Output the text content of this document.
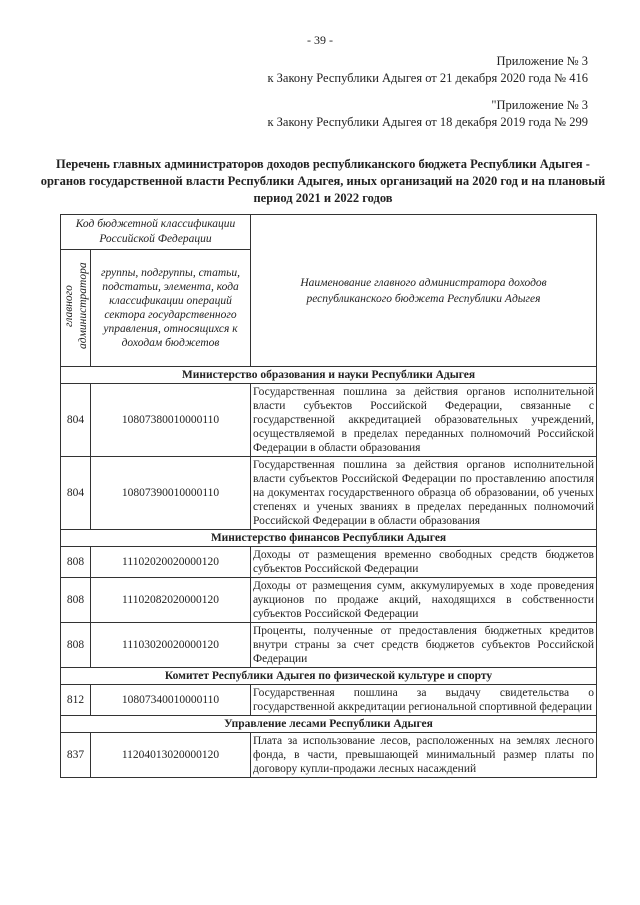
- 39 -
Приложение № 3
к Закону Республики Адыгея от 21 декабря 2020 года № 416
"Приложение № 3
к Закону Республики Адыгея от 18 декабря 2019 года № 299
Перечень главных администраторов доходов республиканского бюджета Республики Адыгея - органов государственной власти Республики Адыгея, иных организаций на 2020 год и на плановый период 2021 и 2022 годов
Код бюджетной классификации Российской Федерации		Наименование главного администратора доходов республиканского бюджета Республики Адыгея
главного администратора	группы, подгруппы, статьи, подстатьи, элемента, кода классификации операций сектора государственного управления, относящихся к доходам бюджетов	
Министерство образования и науки Республики Адыгея		
804	10807380010000110	Государственная пошлина за действия органов исполнительной власти субъектов Российской Федерации, связанные с государственной аккредитацией образовательных учреждений, осуществляемой в пределах переданных полномочий Российской Федерации в области образования
804	10807390010000110	Государственная пошлина за действия органов исполнительной власти субъектов Российской Федерации по проставлению апостиля на документах государственного образца об образовании, об ученых степенях и ученых званиях в пределах переданных полномочий Российской Федерации в области образования
Министерство финансов Республики Адыгея		
808	11102020020000120	Доходы от размещения временно свободных средств бюджетов субъектов Российской Федерации
808	11102082020000120	Доходы от размещения сумм, аккумулируемых в ходе проведения аукционов по продаже акций, находящихся в собственности субъектов Российской Федерации
808	11103020020000120	Проценты, полученные от предоставления бюджетных кредитов внутри страны за счет средств бюджетов субъектов Российской Федерации
Комитет Республики Адыгея по физической культуре и спорту		
812	10807340010000110	Государственная пошлина за выдачу свидетельства о государственной аккредитации региональной спортивной федерации
Управление лесами Республики Адыгея		
837	11204013020000120	Плата за использование лесов, расположенных на землях лесного фонда, в части, превышающей минимальный размер платы по договору купли-продажи лесных насаждений
